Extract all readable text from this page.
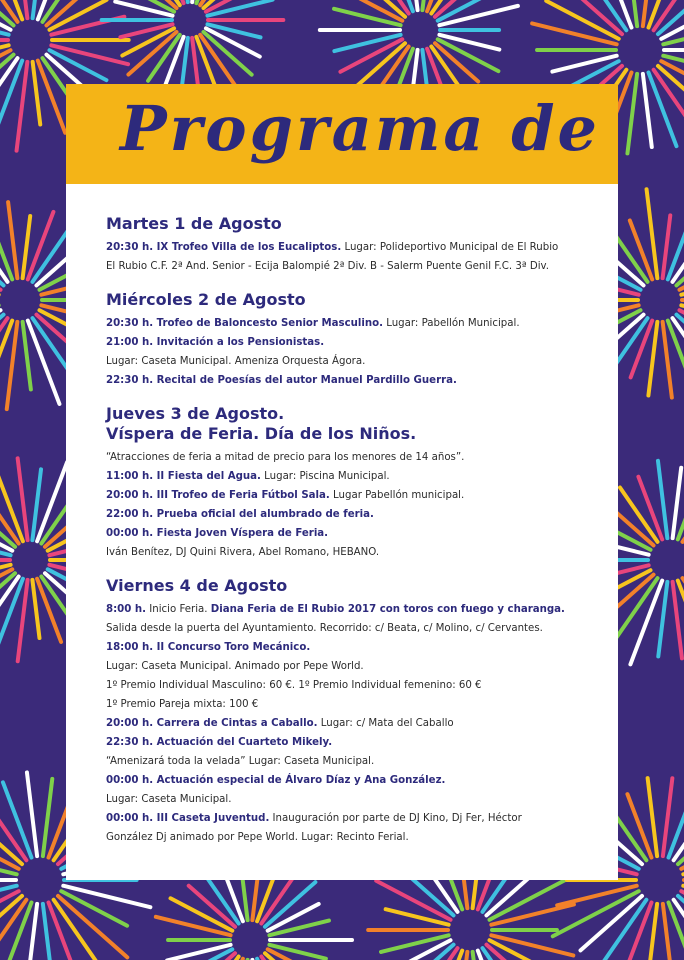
Programa de
Martes 1 de Agosto
20:30 h. IX Trofeo Villa de los Eucaliptos. Lugar: Polideportivo Municipal de El Rubio
El Rubio C.F. 2ª And. Senior - Ecija Balompié 2ª Div. B - Salerm Puente Genil F.C. 3ª Div.
Miércoles 2 de Agosto
20:30 h. Trofeo de Baloncesto Senior Masculino. Lugar: Pabellón Municipal.
21:00 h. Invitación a los Pensionistas.
Lugar: Caseta Municipal. Ameniza Orquesta Ágora.
22:30 h. Recital de Poesías del autor Manuel Pardillo Guerra.
Jueves 3 de Agosto.
Víspera de Feria. Día de los Niños.
“Atracciones de feria a mitad de precio para los menores de 14 años”.
11:00 h. II Fiesta del Agua. Lugar: Piscina Municipal.
20:00 h. III Trofeo de Feria Fútbol Sala. Lugar Pabellón municipal.
22:00 h. Prueba oficial del alumbrado de feria.
00:00 h. Fiesta Joven Víspera de Feria.
Iván Benítez, DJ Quini Rivera, Abel Romano, HEBANO.
Viernes 4 de Agosto
8:00 h. Inicio Feria. Diana Feria de El Rubio 2017 con toros con fuego y charanga.
Salida desde la puerta del Ayuntamiento. Recorrido: c/ Beata, c/ Molino, c/ Cervantes.
18:00 h. II Concurso Toro Mecánico.
Lugar: Caseta Municipal. Animado por Pepe World.
1º Premio Individual Masculino: 60 €. 1º Premio Individual femenino: 60 €
1º Premio Pareja mixta: 100 €
20:00 h. Carrera de Cintas a Caballo. Lugar: c/ Mata del Caballo
22:30 h. Actuación del Cuarteto Mikely.
“Amenizará toda la velada” Lugar: Caseta Municipal.
00:00 h. Actuación especial de Álvaro Díaz y Ana González.
Lugar: Caseta Municipal.
00:00 h. III Caseta Juventud. Inauguración por parte de DJ Kino, Dj Fer, Héctor
González Dj animado por Pepe World. Lugar: Recinto Ferial.
